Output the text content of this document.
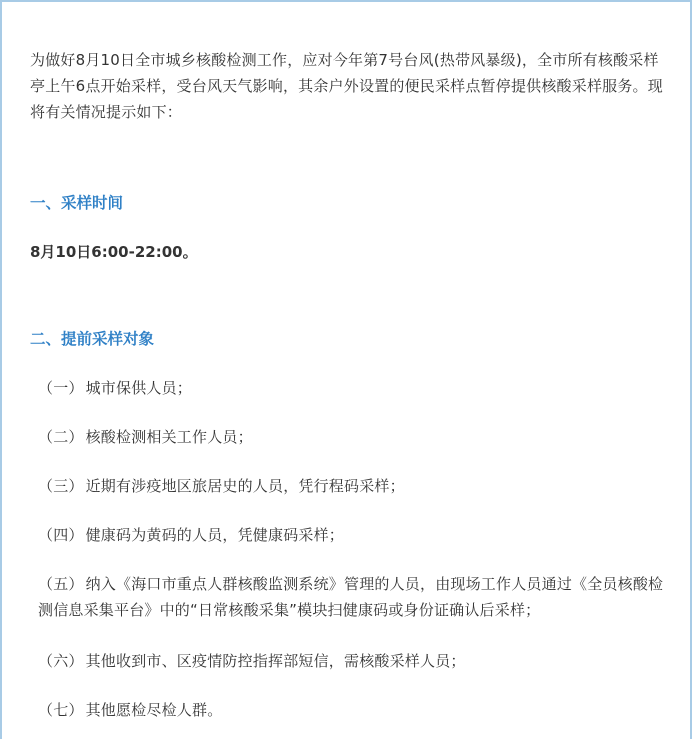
为做好8月10日全市城乡核酸检测工作，应对今年第7号台风(热带风暴级)，全市所有核酸采样亭上午6点开始采样，受台风天气影响，其余户外设置的便民采样点暂停提供核酸采样服务。现将有关情况提示如下：

一、采样时间

8月10日6:00-22:00。

二、提前采样对象

（一） 城市保供人员；

（二） 核酸检测相关工作人员；

（三） 近期有涉疫地区旅居史的人员，凭行程码采样；

（四） 健康码为黄码的人员，凭健康码采样；

（五） 纳入《海口市重点人群核酸监测系统》管理的人员，由现场工作人员通过《全员核酸检测信息采集平台》中的“日常核酸采集”模块扫健康码或身份证确认后采样；

（六） 其他收到市、区疫情防控指挥部短信，需核酸采样人员；

（七） 其他愿检尽检人群。
